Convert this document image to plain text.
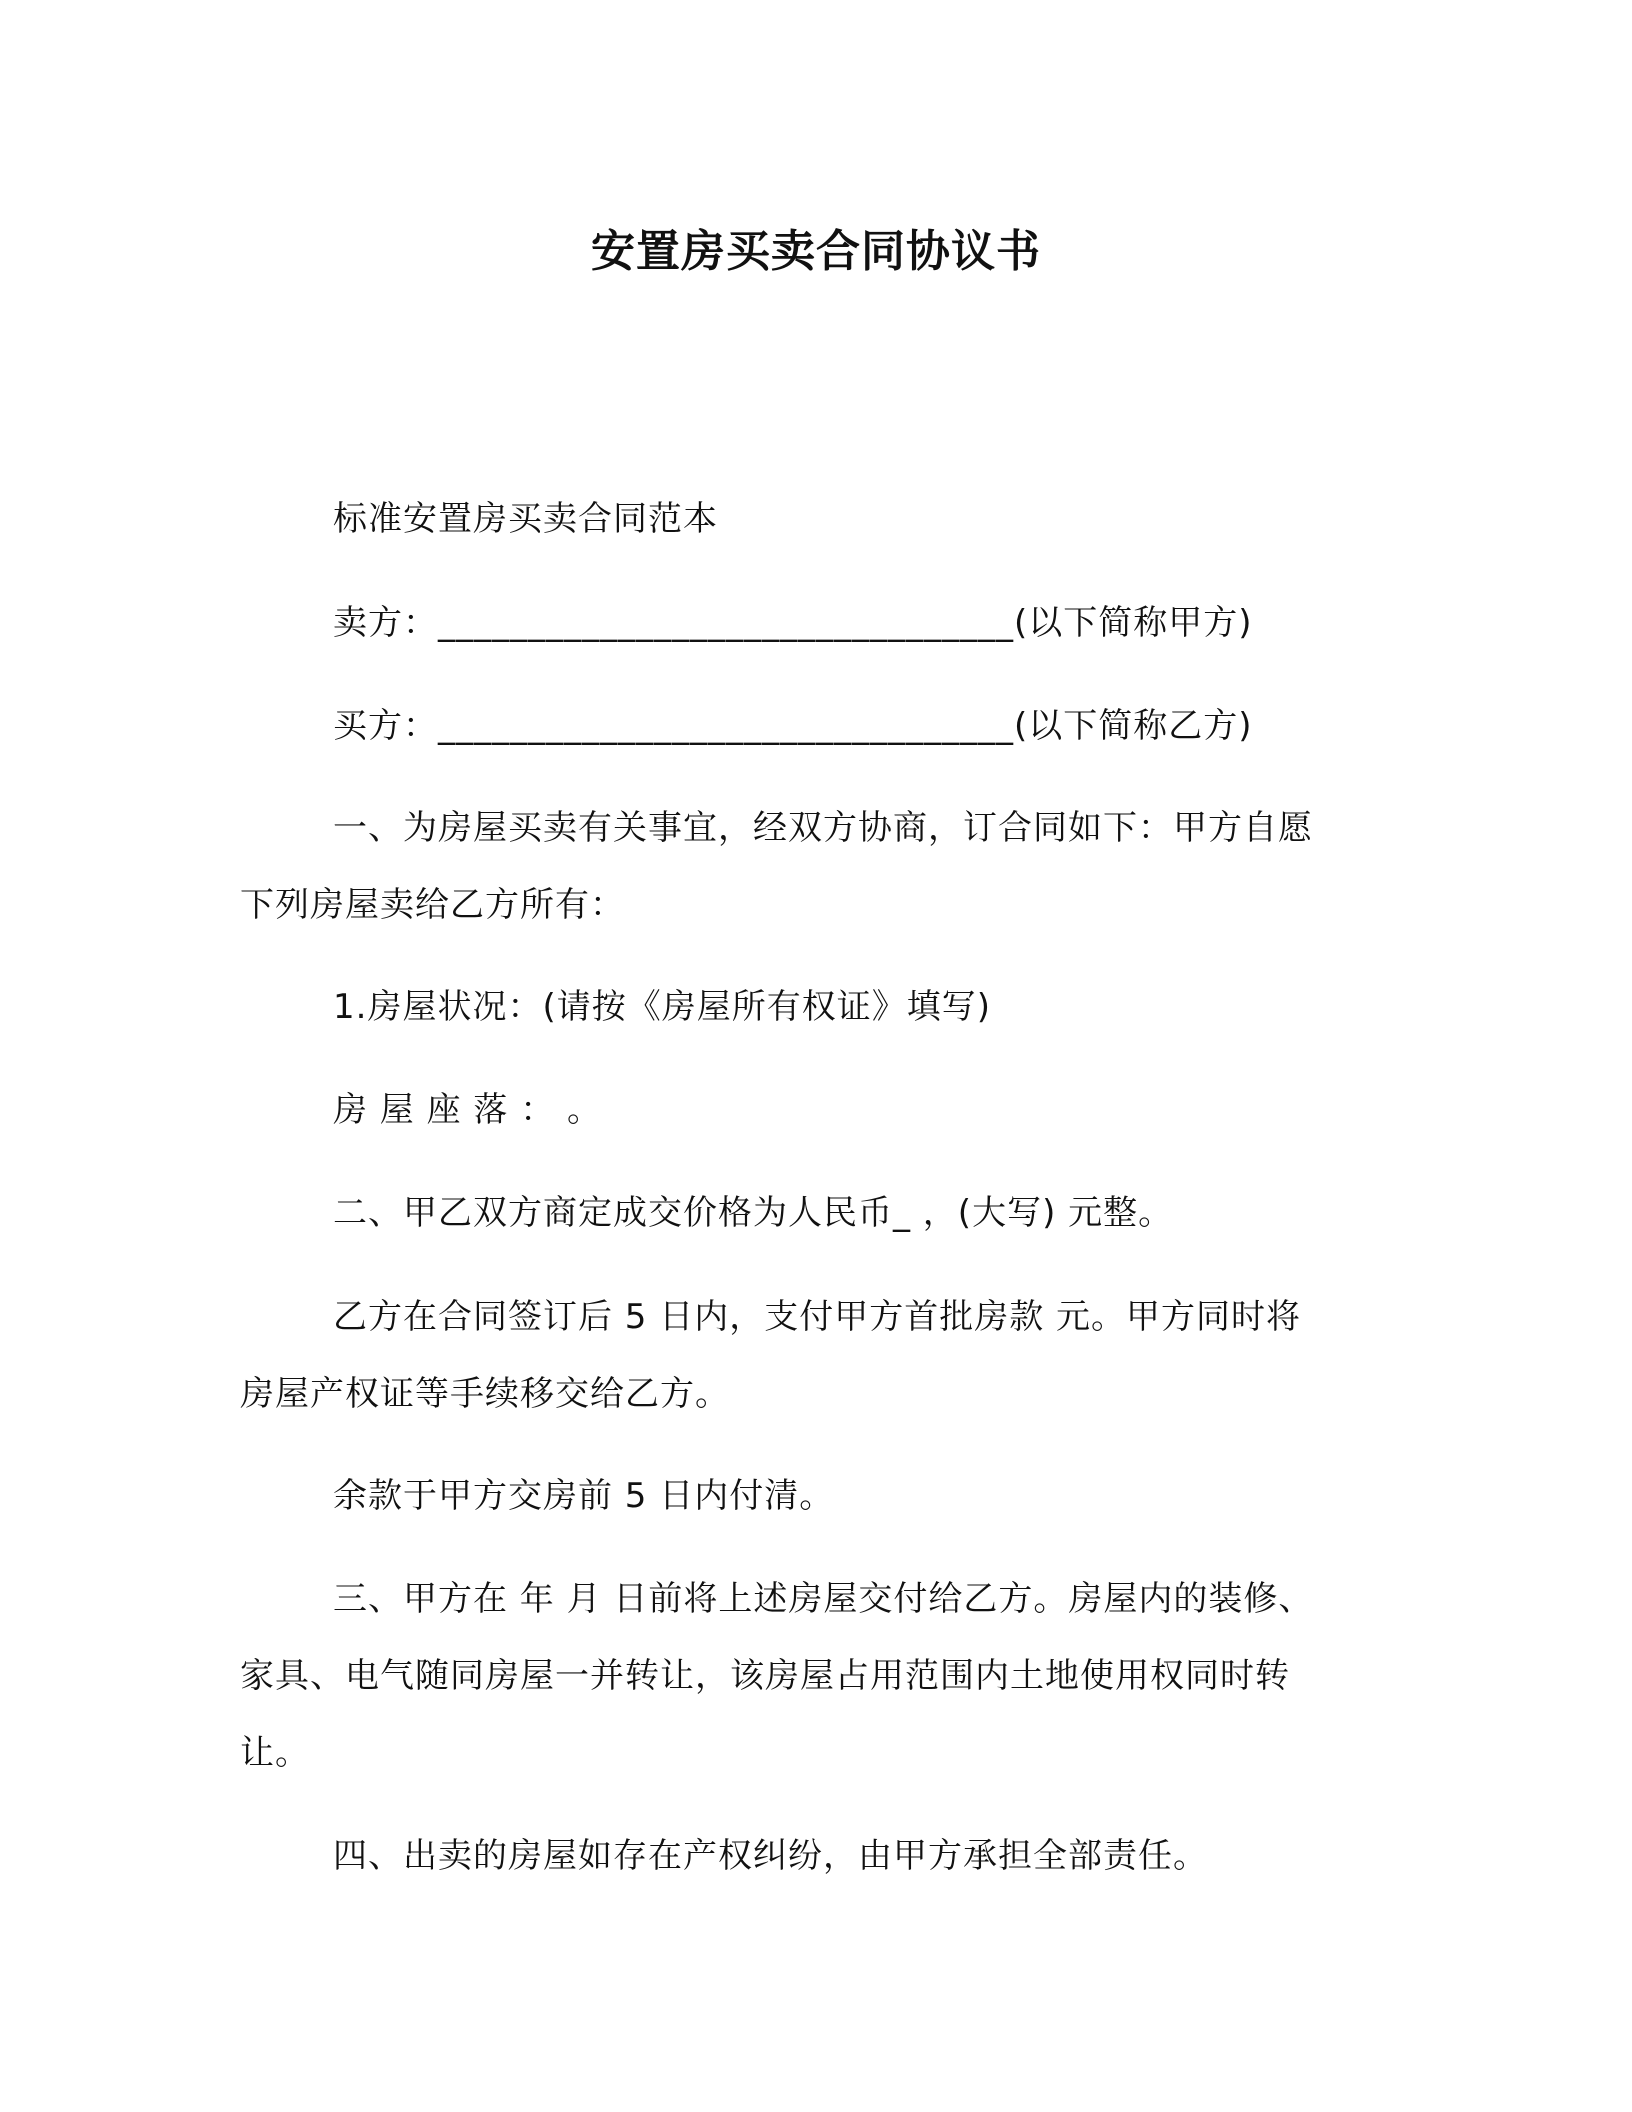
安置房买卖合同协议书
标准安置房买卖合同范本
卖方：________________________________(以下简称甲方)
买方：________________________________(以下简称乙方)
一、为房屋买卖有关事宜，经双方协商，订合同如下：甲方自愿
下列房屋卖给乙方所有：
1.房屋状况：(请按《房屋所有权证》填写)
房 屋 座 落 ： 。
二、甲乙双方商定成交价格为人民币_ ，(大写) 元整。
乙方在合同签订后 5 日内，支付甲方首批房款 元。甲方同时将
房屋产权证等手续移交给乙方。
余款于甲方交房前 5 日内付清。
三、甲方在 年 月 日前将上述房屋交付给乙方。房屋内的装修、
家具、电气随同房屋一并转让，该房屋占用范围内土地使用权同时转
让。
四、出卖的房屋如存在产权纠纷，由甲方承担全部责任。
